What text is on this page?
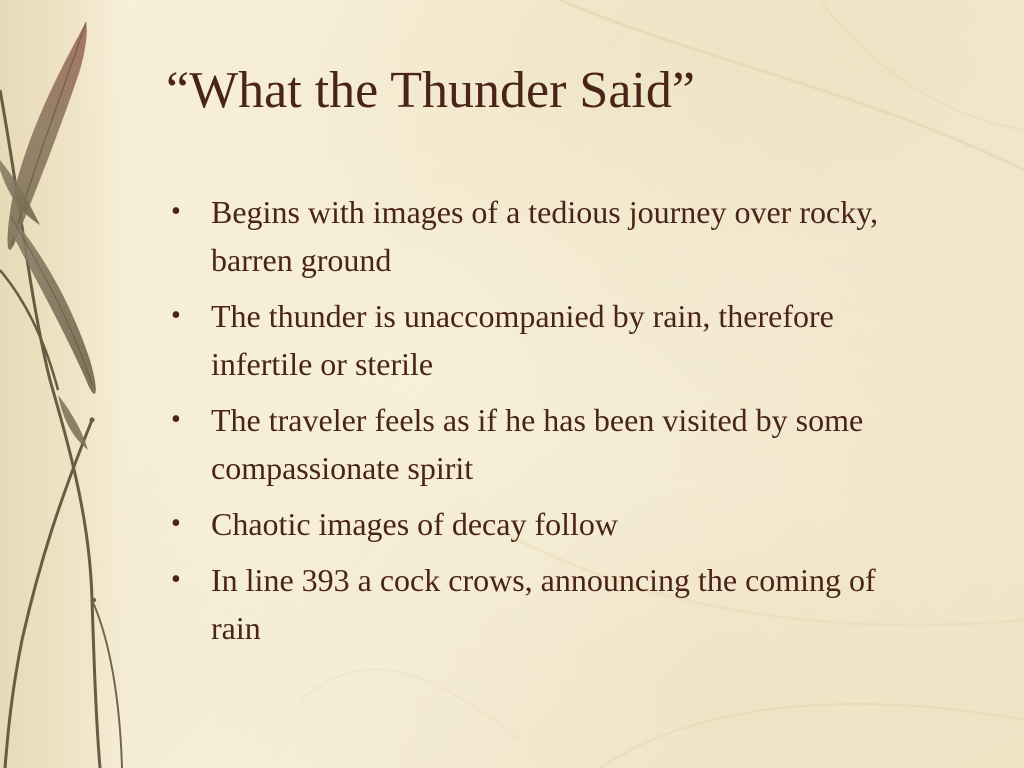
“What the Thunder Said”
• Begins with images of a tedious journey over rocky, barren ground
• The thunder is unaccompanied by rain, therefore infertile or sterile
• The traveler feels as if he has been visited by some compassionate spirit
• Chaotic images of decay follow
• In line 393 a cock crows, announcing the coming of rain
